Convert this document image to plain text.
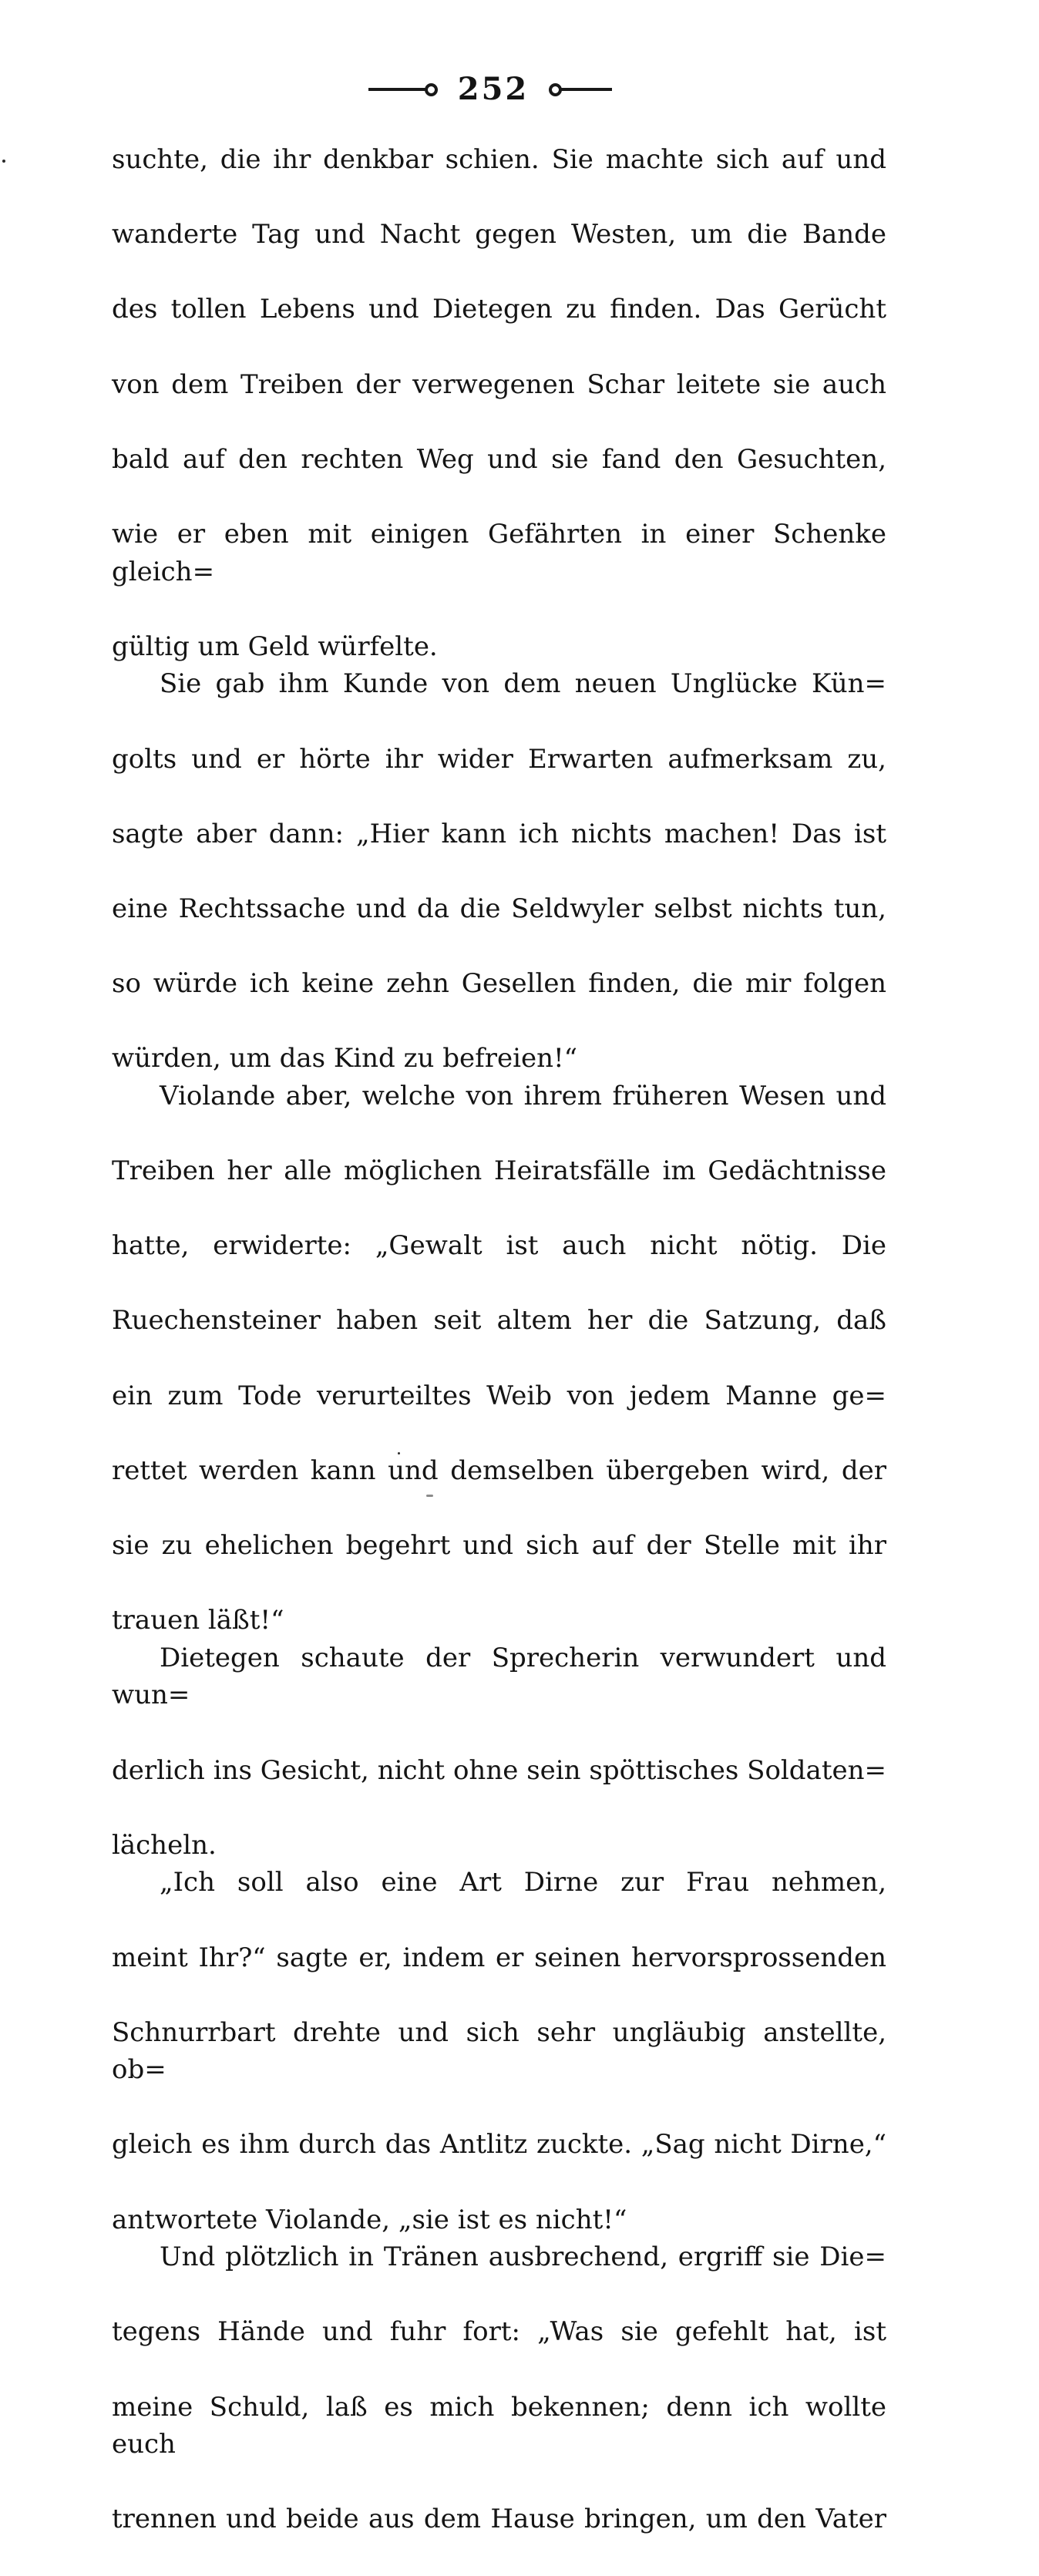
252

suchte, die ihr denkbar schien. Sie machte sich auf und
wanderte Tag und Nacht gegen Westen, um die Bande
des tollen Lebens und Dietegen zu finden. Das Gerücht
von dem Treiben der verwegenen Schar leitete sie auch
bald auf den rechten Weg und sie fand den Gesuchten,
wie er eben mit einigen Gefährten in einer Schenke gleich=
gültig um Geld würfelte.

Sie gab ihm Kunde von dem neuen Unglücke Kün=
golts und er hörte ihr wider Erwarten aufmerksam zu,
sagte aber dann: „Hier kann ich nichts machen! Das ist
eine Rechtssache und da die Seldwyler selbst nichts tun,
so würde ich keine zehn Gesellen finden, die mir folgen
würden, um das Kind zu befreien!“

Violande aber, welche von ihrem früheren Wesen und
Treiben her alle möglichen Heiratsfälle im Gedächtnisse
hatte, erwiderte: „Gewalt ist auch nicht nötig. Die
Ruechensteiner haben seit altem her die Satzung, daß
ein zum Tode verurteiltes Weib von jedem Manne ge=
rettet werden kann und demselben übergeben wird, der
sie zu ehelichen begehrt und sich auf der Stelle mit ihr
trauen läßt!“

Dietegen schaute der Sprecherin verwundert und wun=
derlich ins Gesicht, nicht ohne sein spöttisches Soldaten=
lächeln.

„Ich soll also eine Art Dirne zur Frau nehmen,
meint Ihr?“ sagte er, indem er seinen hervorsprossenden
Schnurrbart drehte und sich sehr ungläubig anstellte, ob=
gleich es ihm durch das Antlitz zuckte. „Sag nicht Dirne,“
antwortete Violande, „sie ist es nicht!“

Und plötzlich in Tränen ausbrechend, ergriff sie Die=
tegens Hände und fuhr fort: „Was sie gefehlt hat, ist
meine Schuld, laß es mich bekennen; denn ich wollte euch
trennen und beide aus dem Hause bringen, um den Vater
